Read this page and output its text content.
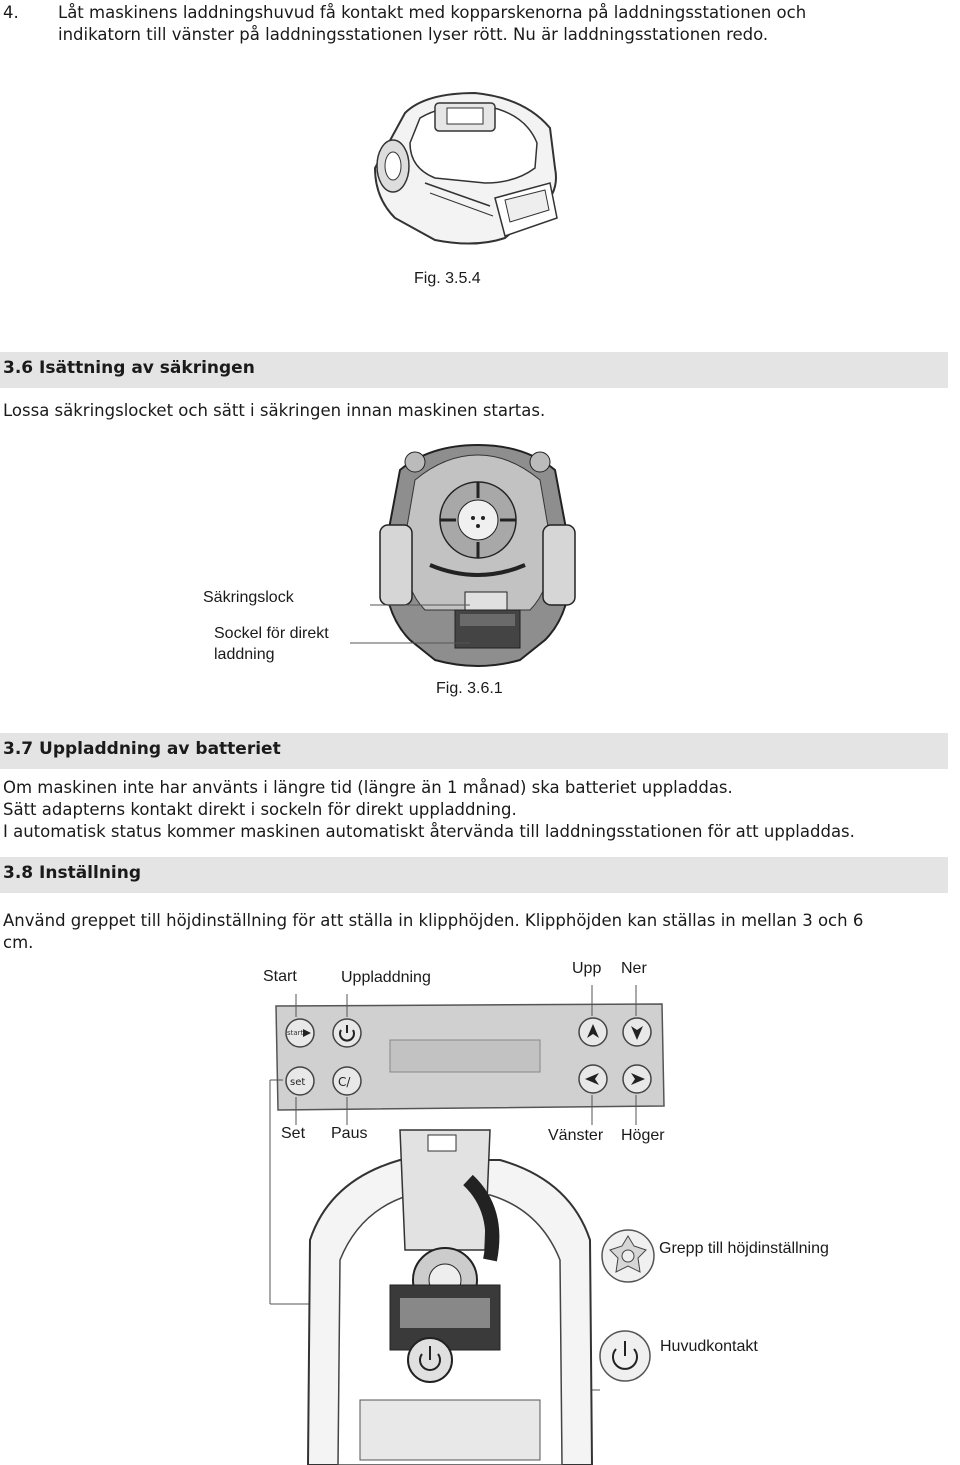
4. Låt maskinens laddningshuvud få kontakt med kopparskenorna på laddningsstationen och
indikatorn till vänster på laddningsstationen lyser rött. Nu är laddningsstationen redo.
Fig. 3.5.4
3.6 Isättning av säkringen
Lossa säkringslocket och sätt i säkringen innan maskinen startas.
Säkringslock
Sockel för direkt
laddning
Fig. 3.6.1
3.7 Uppladdning av batteriet
Om maskinen inte har använts i längre tid (längre än 1 månad) ska batteriet uppladdas.
Sätt adapterns kontakt direkt i sockeln för direkt uppladdning.
I automatisk status kommer maskinen automatiskt återvända till laddningsstationen för att uppladdas.
3.8 Inställning
Använd greppet till höjdinställning för att ställa in klipphöjden. Klipphöjden kan ställas in mellan 3 och 6
cm.
Start	Uppladdning
Upp Ner
start
set	C/
Set Paus	Vänster Höger
Grepp till höjdinställning
Huvudkontakt
